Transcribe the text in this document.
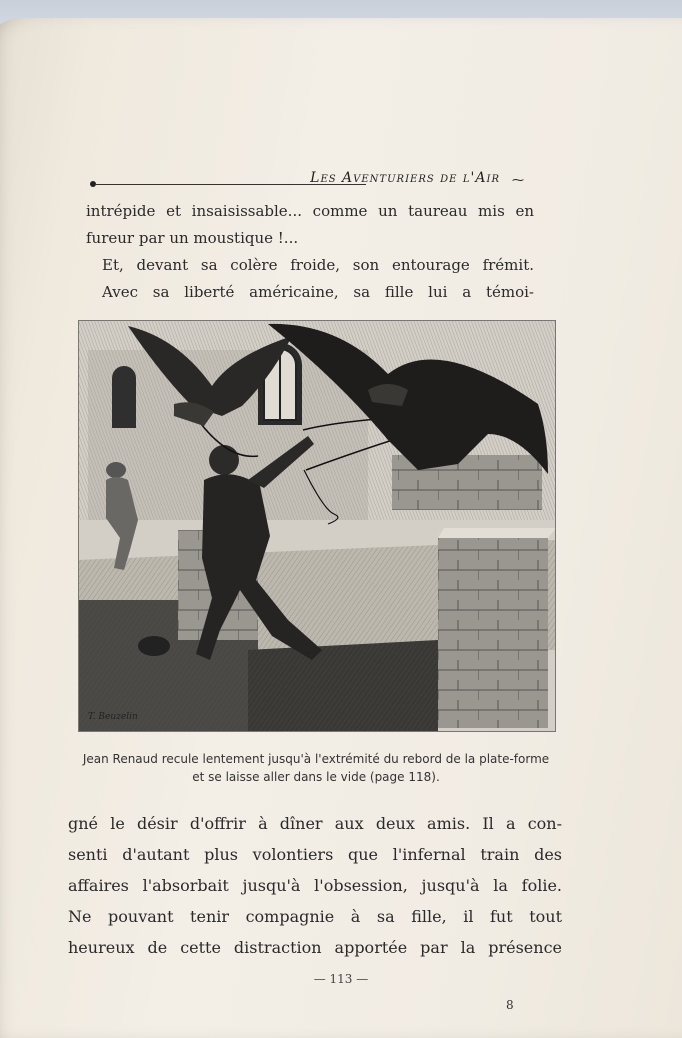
Les Aventuriers de l'Air ⁓
intrépide et insaisissable... comme un taureau mis en
fureur par un moustique !...
Et, devant sa colère froide, son entourage frémit.
Avec sa liberté américaine, sa fille lui a témoi-
T. Beuzelin
Jean Renaud recule lentement jusqu'à l'extrémité du rebord de la plate-forme
et se laisse aller dans le vide (page 118).
gné le désir d'offrir à dîner aux deux amis. Il a con-
senti d'autant plus volontiers que l'infernal train des
affaires l'absorbait jusqu'à l'obsession, jusqu'à la folie.
Ne pouvant tenir compagnie à sa fille, il fut tout
heureux de cette distraction apportée par la présence
— 113 —
8
